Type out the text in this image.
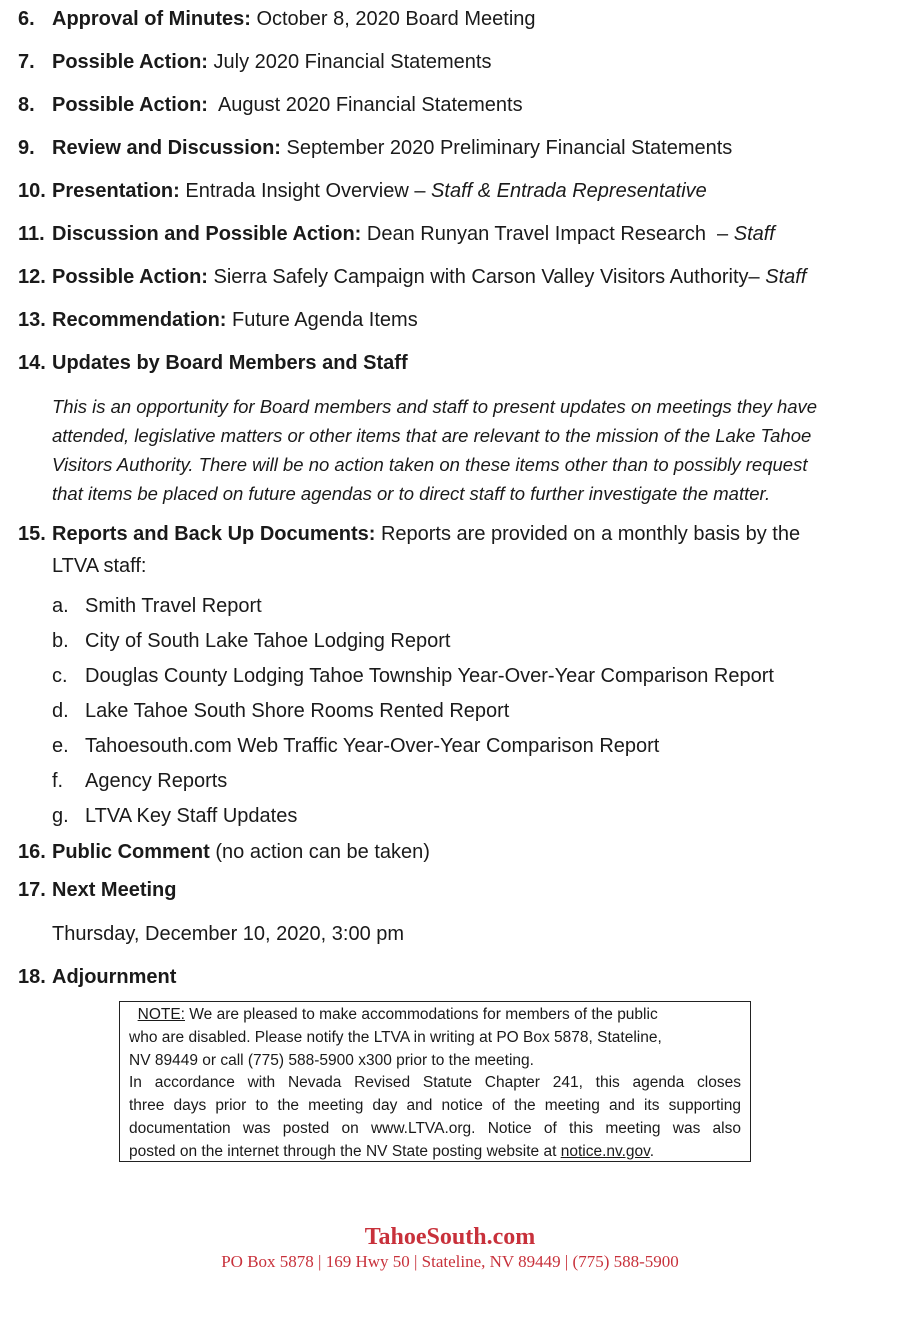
6. Approval of Minutes: October 8, 2020 Board Meeting
7. Possible Action: July 2020 Financial Statements
8. Possible Action:  August 2020 Financial Statements
9. Review and Discussion: September 2020 Preliminary Financial Statements
10. Presentation: Entrada Insight Overview – Staff & Entrada Representative
11. Discussion and Possible Action: Dean Runyan Travel Impact Research  – Staff
12. Possible Action: Sierra Safely Campaign with Carson Valley Visitors Authority– Staff
13. Recommendation: Future Agenda Items
14. Updates by Board Members and Staff
This is an opportunity for Board members and staff to present updates on meetings they have
attended, legislative matters or other items that are relevant to the mission of the Lake Tahoe
Visitors Authority. There will be no action taken on these items other than to possibly request
that items be placed on future agendas or to direct staff to further investigate the matter.
15. Reports and Back Up Documents: Reports are provided on a monthly basis by the
LTVA staff:
a. Smith Travel Report
b. City of South Lake Tahoe Lodging Report
c. Douglas County Lodging Tahoe Township Year-Over-Year Comparison Report
d. Lake Tahoe South Shore Rooms Rented Report
e. Tahoesouth.com Web Traffic Year-Over-Year Comparison Report
f. Agency Reports
g. LTVA Key Staff Updates
16. Public Comment (no action can be taken)
17. Next Meeting
Thursday, December 10, 2020, 3:00 pm
18. Adjournment
NOTE: We are pleased to make accommodations for members of the public
who are disabled. Please notify the LTVA in writing at PO Box 5878, Stateline,
NV 89449 or call (775) 588-5900 x300 prior to the meeting.
In accordance with Nevada Revised Statute Chapter 241, this agenda closes
three days prior to the meeting day and notice of the meeting and its supporting
documentation was posted on www.LTVA.org. Notice of this meeting was also
posted on the internet through the NV State posting website at notice.nv.gov.
TahoeSouth.com
PO Box 5878 | 169 Hwy 50 | Stateline, NV 89449 | (775) 588-5900
